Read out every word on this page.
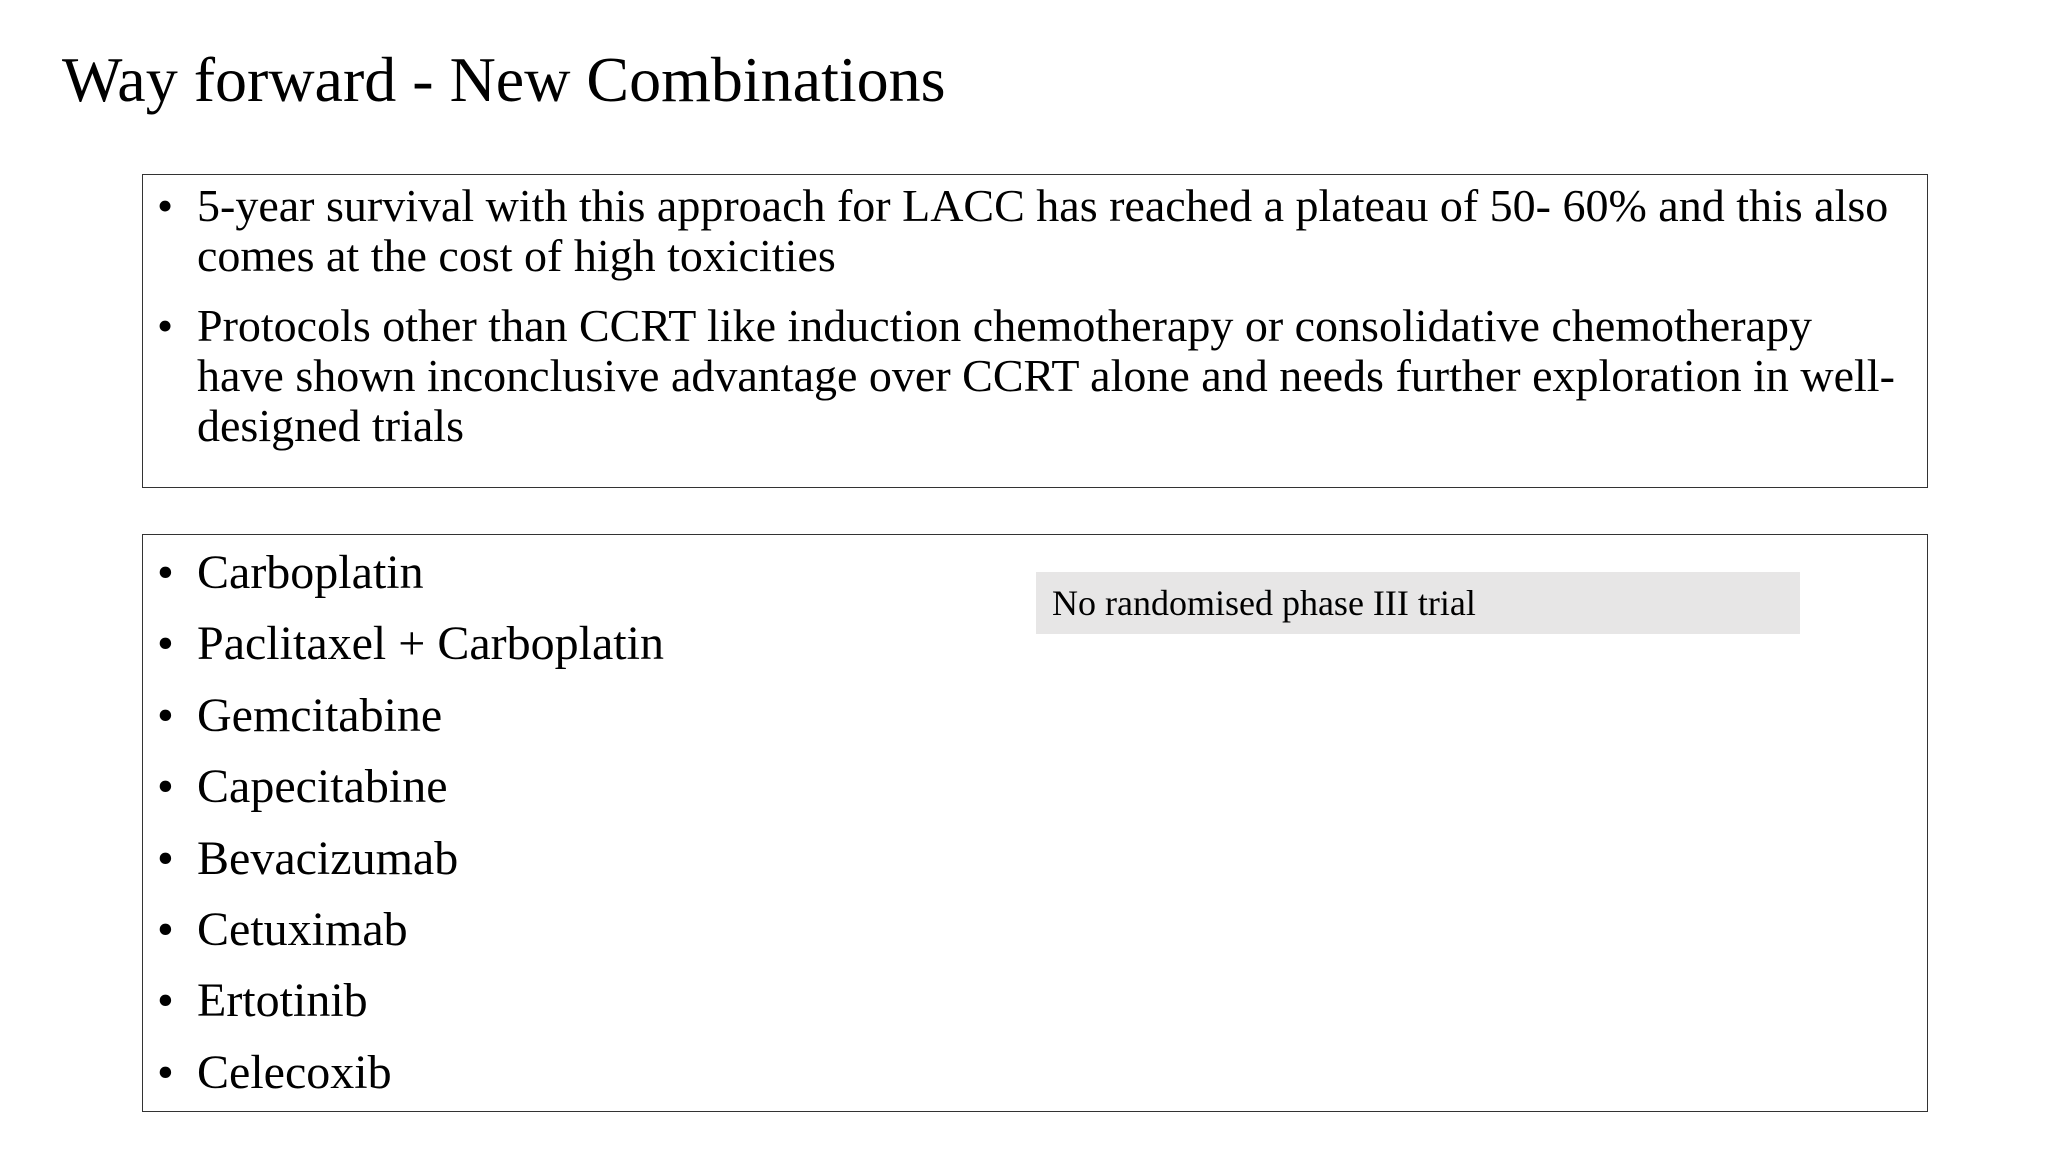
Way forward - New Combinations
• 5-year survival with this approach for LACC has reached a plateau of 50- 60% and this also comes at the cost of high toxicities
• Protocols other than CCRT like induction chemotherapy or consolidative chemotherapy have shown inconclusive advantage over CCRT alone and needs further exploration in well-designed trials
• Carboplatin
• Paclitaxel + Carboplatin
• Gemcitabine
• Capecitabine
• Bevacizumab
• Cetuximab
• Ertotinib
• Celecoxib
No randomised phase III trial
